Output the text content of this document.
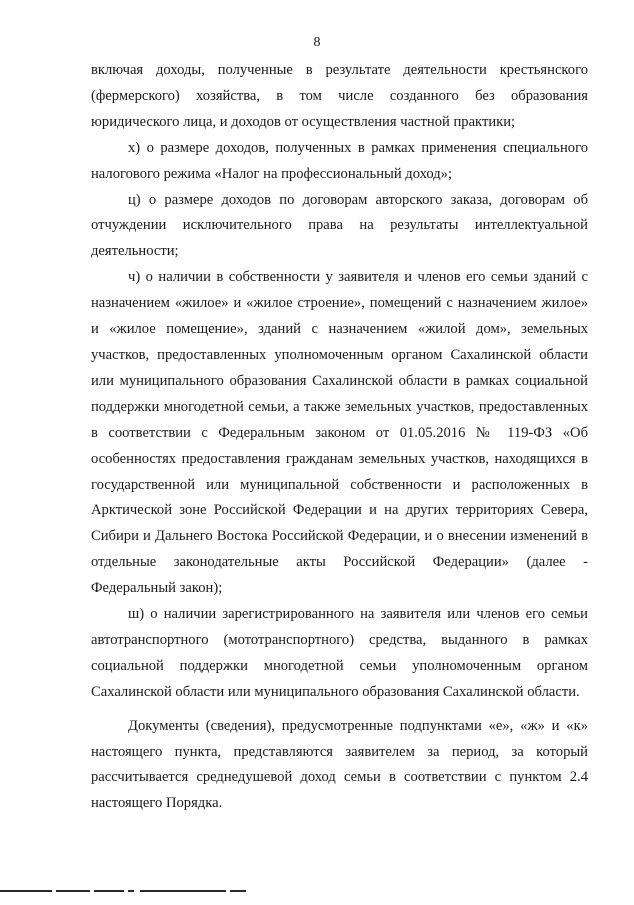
8

включая доходы, полученные в результате деятельности крестьянского (фермерского) хозяйства, в том числе созданного без образования юридического лица, и доходов от осуществления частной практики;

х) о размере доходов, полученных в рамках применения специального налогового режима «Налог на профессиональный доход»;

ц) о размере доходов по договорам авторского заказа, договорам об отчуждении исключительного права на результаты интеллектуальной деятельности;

ч) о наличии в собственности у заявителя и членов его семьи зданий с назначением «жилое» и «жилое строение», помещений с назначением жилое» и «жилое помещение», зданий с назначением «жилой дом», земельных участков, предоставленных уполномоченным органом Сахалинской области или муниципального образования Сахалинской области в рамках социальной поддержки многодетной семьи, а также земельных участков, предоставленных в соответствии с Федеральным законом от 01.05.2016 № 119-ФЗ «Об особенностях предоставления гражданам земельных участков, находящихся в государственной или муниципальной собственности и расположенных в Арктической зоне Российской Федерации и на других территориях Севера, Сибири и Дальнего Востока Российской Федерации, и о внесении изменений в отдельные законодательные акты Российской Федерации» (далее - Федеральный закон);

ш) о наличии зарегистрированного на заявителя или членов его семьи автотранспортного (мототранспортного) средства, выданного в рамках социальной поддержки многодетной семьи уполномоченным органом Сахалинской области или муниципального образования Сахалинской области.

Документы (сведения), предусмотренные подпунктами «е», «ж» и «к» настоящего пункта, представляются заявителем за период, за который рассчитывается среднедушевой доход семьи в соответствии с пунктом 2.4 настоящего Порядка.
